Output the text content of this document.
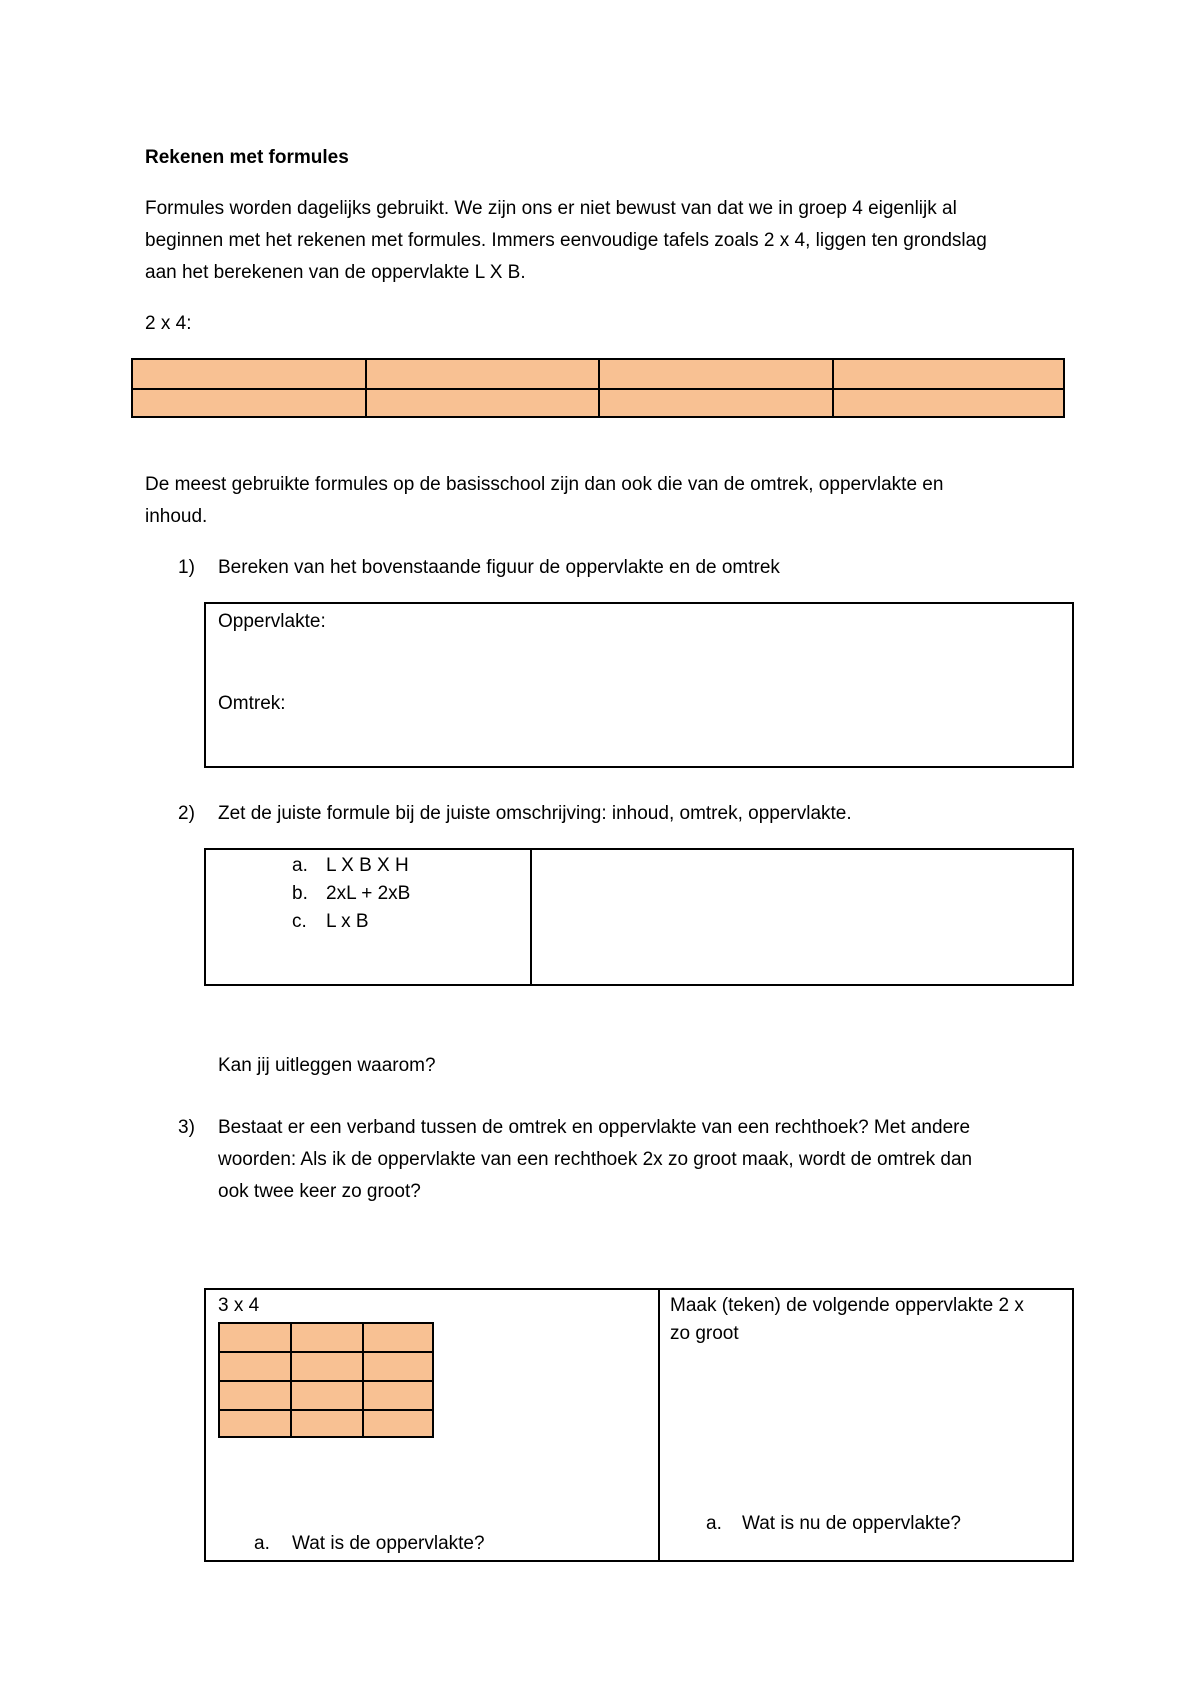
Rekenen met formules
Formules worden dagelijks gebruikt. We zijn ons er niet bewust van dat we in groep 4 eigenlijk al
beginnen met het rekenen met formules. Immers eenvoudige tafels zoals 2 x 4, liggen ten grondslag
aan het berekenen van de oppervlakte L X B.
2 x 4:
De meest gebruikte formules op de basisschool zijn dan ook die van de omtrek, oppervlakte en
inhoud.
1) Bereken van het bovenstaande figuur de oppervlakte en de omtrek
Oppervlakte:
Omtrek:
2) Zet de juiste formule bij de juiste omschrijving: inhoud, omtrek, oppervlakte.
a. L X B X H
b. 2xL + 2xB
c. L x B
Kan jij uitleggen waarom?
3) Bestaat er een verband tussen de omtrek en oppervlakte van een rechthoek? Met andere
woorden: Als ik de oppervlakte van een rechthoek 2x zo groot maak, wordt de omtrek dan
ook twee keer zo groot?
3 x 4
a. Wat is de oppervlakte?
Maak (teken) de volgende oppervlakte 2 x
zo groot
a. Wat is nu de oppervlakte?
